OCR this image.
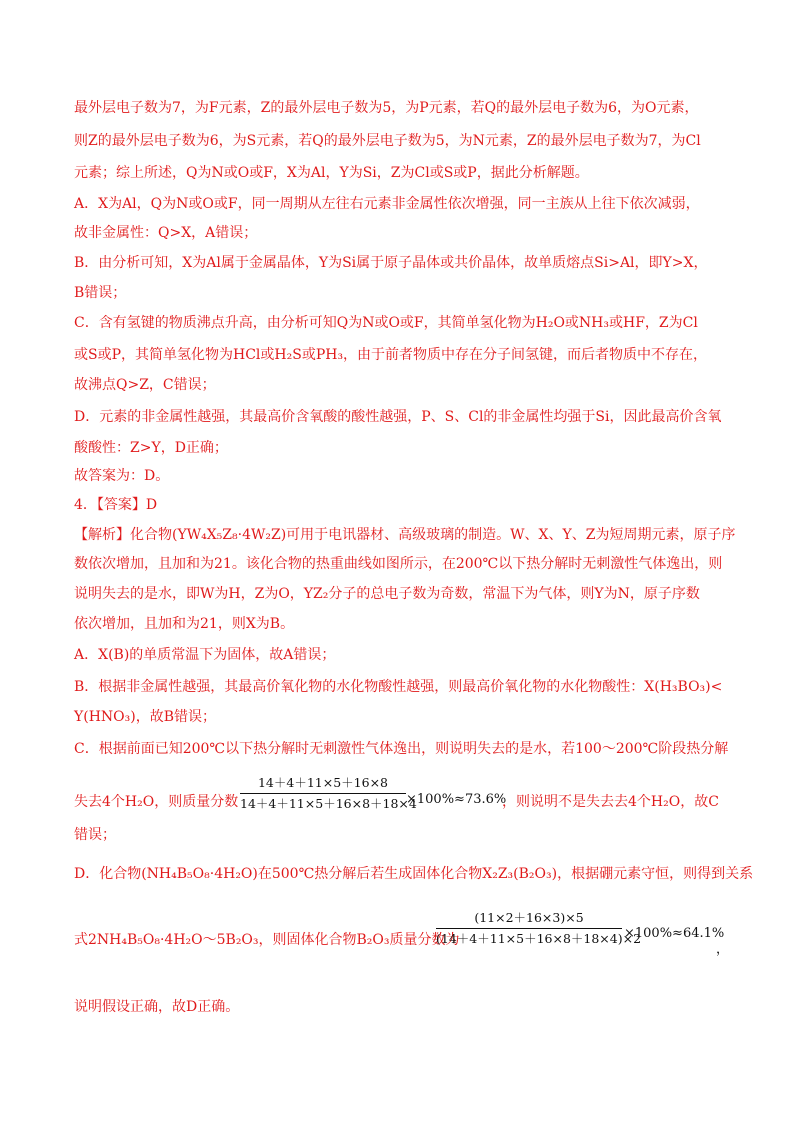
最外层电子数为7，为F元素，Z的最外层电子数为5，为P元素，若Q的最外层电子数为6，为O元素，
则Z的最外层电子数为6，为S元素，若Q的最外层电子数为5，为N元素，Z的最外层电子数为7，为Cl
元素；综上所述，Q为N或O或F，X为Al，Y为Si，Z为Cl或S或P，据此分析解题。
A．X为Al，Q为N或O或F，同一周期从左往右元素非金属性依次增强，同一主族从上往下依次减弱，
故非金属性：Q>X，A错误；
B．由分析可知，X为Al属于金属晶体，Y为Si属于原子晶体或共价晶体，故单质熔点Si>Al，即Y>X，
B错误；
C．含有氢键的物质沸点升高，由分析可知Q为N或O或F，其简单氢化物为H₂O或NH₃或HF，Z为Cl
或S或P，其简单氢化物为HCl或H₂S或PH₃，由于前者物质中存在分子间氢键，而后者物质中不存在，
故沸点Q>Z，C错误；
D．元素的非金属性越强，其最高价含氧酸的酸性越强，P、S、Cl的非金属性均强于Si，因此最高价含氧
酸酸性：Z>Y，D正确；
故答案为：D。
4．【答案】D
【解析】化合物(YW₄X₅Z₈·4W₂Z)可用于电讯器材、高级玻璃的制造。W、X、Y、Z为短周期元素，原子序
数依次增加，且加和为21。该化合物的热重曲线如图所示，在200℃以下热分解时无刺激性气体逸出，则
说明失去的是水，即W为H，Z为O，YZ₂分子的总电子数为奇数，常温下为气体，则Y为N，原子序数
依次增加，且加和为21，则X为B。
A．X(B)的单质常温下为固体，故A错误；
B．根据非金属性越强，其最高价氧化物的水化物酸性越强，则最高价氧化物的水化物酸性：X(H₃BO₃)<
Y(HNO₃)，故B错误；
C．根据前面已知200℃以下热分解时无刺激性气体逸出，则说明失去的是水，若100～200℃阶段热分解
失去4个H₂O，则质量分数
14＋4＋11×5＋16×8
14＋4＋11×5＋16×8＋18×4
×100%≈73.6%
，则说明不是失去去4个H₂O，故C
错误；
D．化合物(NH₄B₅O₈·4H₂O)在500℃热分解后若生成固体化合物X₂Z₃(B₂O₃)，根据硼元素守恒，则得到关系
式2NH₄B₅O₈·4H₂O～5B₂O₃，则固体化合物B₂O₃质量分数为
(11×2＋16×3)×5
(14＋4＋11×5＋16×8＋18×4)×2
×100%≈64.1%
，
说明假设正确，故D正确。
